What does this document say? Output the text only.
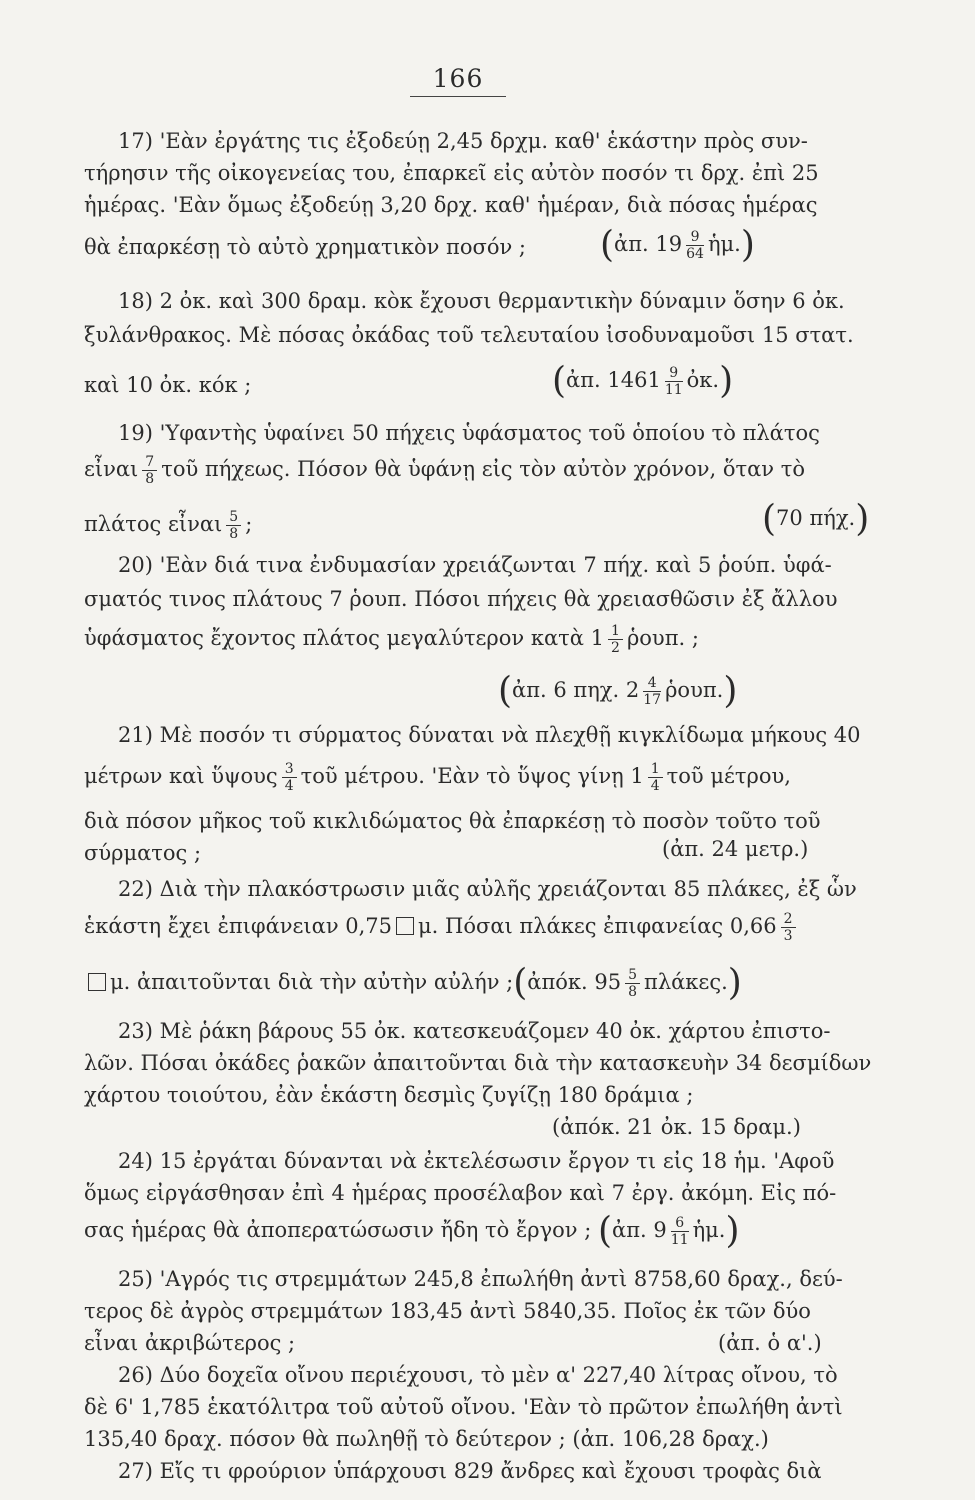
166
17) 'Εὰν ἐργάτης τις ἐξοδεύῃ 2,45 δρχμ. καθ' ἑκάστην πρὸς συν-
τήρησιν τῆς οἰκογενείας του, ἐπαρκεῖ εἰς αὐτὸν ποσόν τι δρχ. ἐπὶ 25
ἡμέρας. 'Εὰν ὅμως ἐξοδεύῃ 3,20 δρχ. καθ' ἡμέραν, διὰ πόσας ἡμέρας
θὰ ἐπαρκέσῃ τὸ αὐτὸ χρηματικὸν ποσόν ; (ἀπ. $19 \frac{9}{64}$ ἡμ.)
18) 2 ὀκ. καὶ 300 δραμ. κὸκ ἔχουσι θερμαντικὴν δύναμιν ὅσην 6 ὀκ.
ξυλάνθρακος. Μὲ πόσας ὀκάδας τοῦ τελευταίου ἰσοδυναμοῦσι 15 στατ.
καὶ 10 ὀκ. κόκ ;	(ἀπ. $1461 \frac{9}{11}$ ὀκ.)
19) 'Υφαντὴς ὑφαίνει 50 πήχεις ὑφάσματος τοῦ ὁποίου τὸ πλάτος
εἶναι $\frac{7}{8}$ τοῦ πήχεως. Πόσον θὰ ὑφάνῃ εἰς τὸν αὐτὸν χρόνον, ὅταν τὸ
πλάτος εἶναι $\frac{5}{8}$ ;	(70 πήχ.)
20) 'Εὰν διά τινα ἐνδυμασίαν χρειάζωνται 7 πήχ. καὶ 5 ῥούπ. ὑφά-
σματός τινος πλάτους 7 ῥουπ. Πόσοι πήχεις θὰ χρειασθῶσιν ἐξ ἄλλου
ὑφάσματος ἔχοντος πλάτος μεγαλύτερον κατὰ $1 \frac{1}{2}$ ῥουπ. ;
(ἀπ. 6 πηχ. $2 \frac{4}{17}$ ῥουπ.)
21) Μὲ ποσόν τι σύρματος δύναται νὰ πλεχθῇ κιγκλίδωμα μήκους 40
μέτρων καὶ ὕψους $\frac{3}{4}$ τοῦ μέτρου. 'Εὰν τὸ ὕψος γίνῃ $1 \frac{1}{4}$ τοῦ μέτρου,
διὰ πόσον μῆκος τοῦ κικλιδώματος θὰ ἐπαρκέσῃ τὸ ποσὸν τοῦτο τοῦ
σύρματος ;	(ἀπ. 24 μετρ.)
22) Διὰ τὴν πλακόστρωσιν μιᾶς αὐλῆς χρειάζονται 85 πλάκες, ἐξ ὧν
ἑκάστη ἔχει ἐπιφάνειαν 0,75 μ. Πόσαι πλάκες ἐπιφανείας $0,66 \frac{2}{3}$
μ. ἀπαιτοῦνται διὰ τὴν αὐτὴν αὐλήν ;(ἀπόκ. $95 \frac{5}{8} \pi\lambda ά\kappa\varepsilon\varsigma$.)
23) Μὲ ῥάκη βάρους 55 ὀκ. κατεσκευάζομεν 40 ὀκ. χάρτου ἐπιστο-
λῶν. Πόσαι ὀκάδες ῥακῶν ἀπαιτοῦνται διὰ τὴν κατασκευὴν 34 δεσμίδων
χάρτου τοιούτου, ἐὰν ἑκάστη δεσμὶς ζυγίζῃ 180 δράμια ;
(ἀπόκ. 21 ὀκ. 15 δραμ.)
24) 15 ἐργάται δύνανται νὰ ἐκτελέσωσιν ἔργον τι εἰς 18 ἡμ. 'Αφοῦ
ὅμως εἰργάσθησαν ἐπὶ 4 ἡμέρας προσέλαβον καὶ 7 ἐργ. ἀκόμη. Εἰς πό-
σας ἡμέρας θὰ ἀποπερατώσωσιν ἤδη τὸ ἔργον ; (ἀπ. $9 \frac{6}{11}$ ἡμ.)
25) 'Αγρός τις στρεμμάτων 245,8 ἐπωλήθη ἀντὶ 8758,60 δραχ., δεύ-
τερος δὲ ἀγρὸς στρεμμάτων 183,45 ἀντὶ 5840,35. Ποῖος ἐκ τῶν δύο
εἶναι ἀκριβώτερος ;	(ἀπ. ὁ α'.)
26) Δύο δοχεῖα οἴνου περιέχουσι, τὸ μὲν α' 227,40 λίτρας οἴνου, τὸ
δὲ 6' 1,785 ἑκατόλιτρα τοῦ αὐτοῦ οἴνου. 'Εὰν τὸ πρῶτον ἐπωλήθη ἀντὶ
135,40 δραχ. πόσον θὰ πωληθῇ τὸ δεύτερον ; (ἀπ. 106,28 δραχ.)
27) Εἴς τι φρούριον ὑπάρχουσι 829 ἄνδρες καὶ ἔχουσι τροφὰς διὰ
